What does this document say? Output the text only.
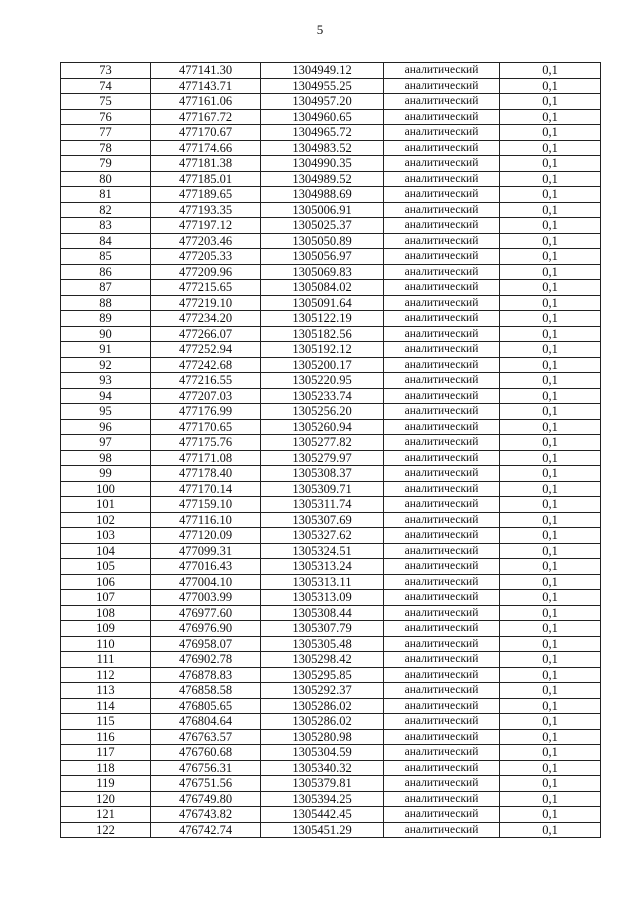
5
73	477141.30	1304949.12	аналитический	0,1
74	477143.71	1304955.25	аналитический	0,1
75	477161.06	1304957.20	аналитический	0,1
76	477167.72	1304960.65	аналитический	0,1
77	477170.67	1304965.72	аналитический	0,1
78	477174.66	1304983.52	аналитический	0,1
79	477181.38	1304990.35	аналитический	0,1
80	477185.01	1304989.52	аналитический	0,1
81	477189.65	1304988.69	аналитический	0,1
82	477193.35	1305006.91	аналитический	0,1
83	477197.12	1305025.37	аналитический	0,1
84	477203.46	1305050.89	аналитический	0,1
85	477205.33	1305056.97	аналитический	0,1
86	477209.96	1305069.83	аналитический	0,1
87	477215.65	1305084.02	аналитический	0,1
88	477219.10	1305091.64	аналитический	0,1
89	477234.20	1305122.19	аналитический	0,1
90	477266.07	1305182.56	аналитический	0,1
91	477252.94	1305192.12	аналитический	0,1
92	477242.68	1305200.17	аналитический	0,1
93	477216.55	1305220.95	аналитический	0,1
94	477207.03	1305233.74	аналитический	0,1
95	477176.99	1305256.20	аналитический	0,1
96	477170.65	1305260.94	аналитический	0,1
97	477175.76	1305277.82	аналитический	0,1
98	477171.08	1305279.97	аналитический	0,1
99	477178.40	1305308.37	аналитический	0,1
100	477170.14	1305309.71	аналитический	0,1
101	477159.10	1305311.74	аналитический	0,1
102	477116.10	1305307.69	аналитический	0,1
103	477120.09	1305327.62	аналитический	0,1
104	477099.31	1305324.51	аналитический	0,1
105	477016.43	1305313.24	аналитический	0,1
106	477004.10	1305313.11	аналитический	0,1
107	477003.99	1305313.09	аналитический	0,1
108	476977.60	1305308.44	аналитический	0,1
109	476976.90	1305307.79	аналитический	0,1
110	476958.07	1305305.48	аналитический	0,1
111	476902.78	1305298.42	аналитический	0,1
112	476878.83	1305295.85	аналитический	0,1
113	476858.58	1305292.37	аналитический	0,1
114	476805.65	1305286.02	аналитический	0,1
115	476804.64	1305286.02	аналитический	0,1
116	476763.57	1305280.98	аналитический	0,1
117	476760.68	1305304.59	аналитический	0,1
118	476756.31	1305340.32	аналитический	0,1
119	476751.56	1305379.81	аналитический	0,1
120	476749.80	1305394.25	аналитический	0,1
121	476743.82	1305442.45	аналитический	0,1
122	476742.74	1305451.29	аналитический	0,1
